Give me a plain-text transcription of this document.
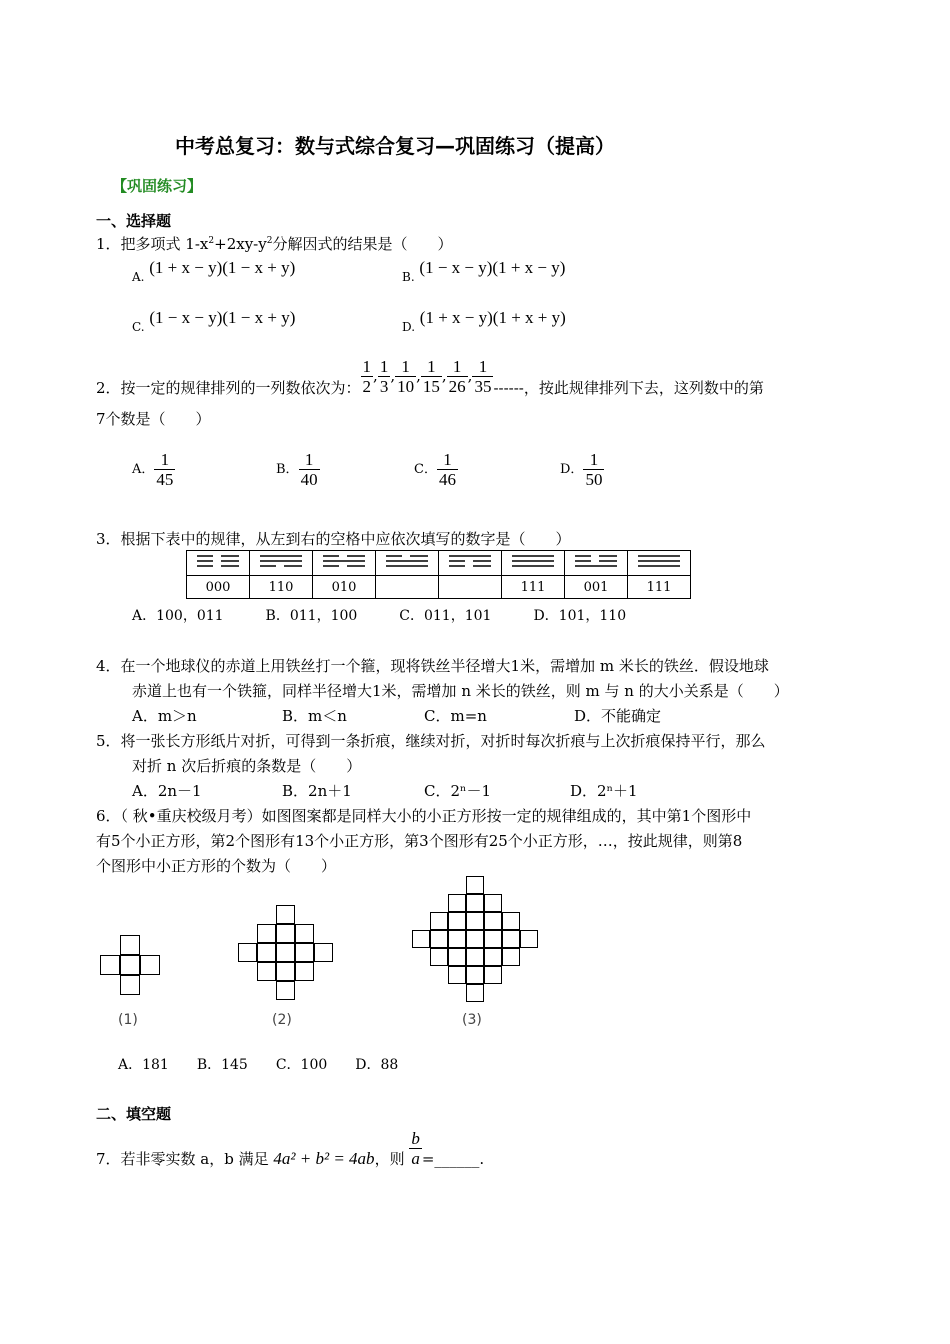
中考总复习：数与式综合复习—巩固练习（提高）
【巩固练习】
一、选择题
1．把多项式 $1-x^2+2xy-y^2$分解因式的结果是（　　）
A. (1 + x − y)(1 − x + y)	B. (1 − x − y)(1 + x − y)
C. (1 − x − y)(1 − x + y)	D. (1 + x − y)(1 + x + y)
2．按一定的规律排列的一列数依次为： $\frac{1}{2}$ , $\frac{1}{3}$ , $\frac{1}{10}$ , $\frac{1}{15}$ , $\frac{1}{26}$ , $\frac{1}{35}$ ------，按此规律排列下去，这列数中的第
7个数是（　　）
A． $\frac{1}{45}$	B． $\frac{1}{40}$	C． $\frac{1}{46}$	D． $\frac{1}{50}$
3．根据下表中的规律，从左到右的空格中应依次填写的数字是（　　）

000	110	010			111	001	111
A．100，011　　　B．011，100　　　C．011，101　　　D．101，110
4．在一个地球仪的赤道上用铁丝打一个箍，现将铁丝半径增大1米，需增加 m 米长的铁丝．假设地球
赤道上也有一个铁箍，同样半径增大1米，需增加 n 米长的铁丝，则 m 与 n 的大小关系是（　　）
A．m＞n	B．m＜n	C．m=n	D．不能确定
5．将一张长方形纸片对折，可得到一条折痕，继续对折，对折时每次折痕与上次折痕保持平行，那么
对折 n 次后折痕的条数是（　　）
A．2n－1	B．2n＋1	C．2ⁿ－1	D．2ⁿ＋1
6．（ 秋•重庆校级月考）如图图案都是同样大小的小正方形按一定的规律组成的，其中第1个图形中
有5个小正方形，第2个图形有13个小正方形，第3个图形有25个小正方形，…，按此规律，则第8
个图形中小正方形的个数为（　　）
(1)	(2)	(3)
A．181　　B．145　　C．100　　D．88
二、填空题
7．若非零实数 a，b 满足 4a² + b² = 4ab，则 $\frac{b}{a}$ =______.
